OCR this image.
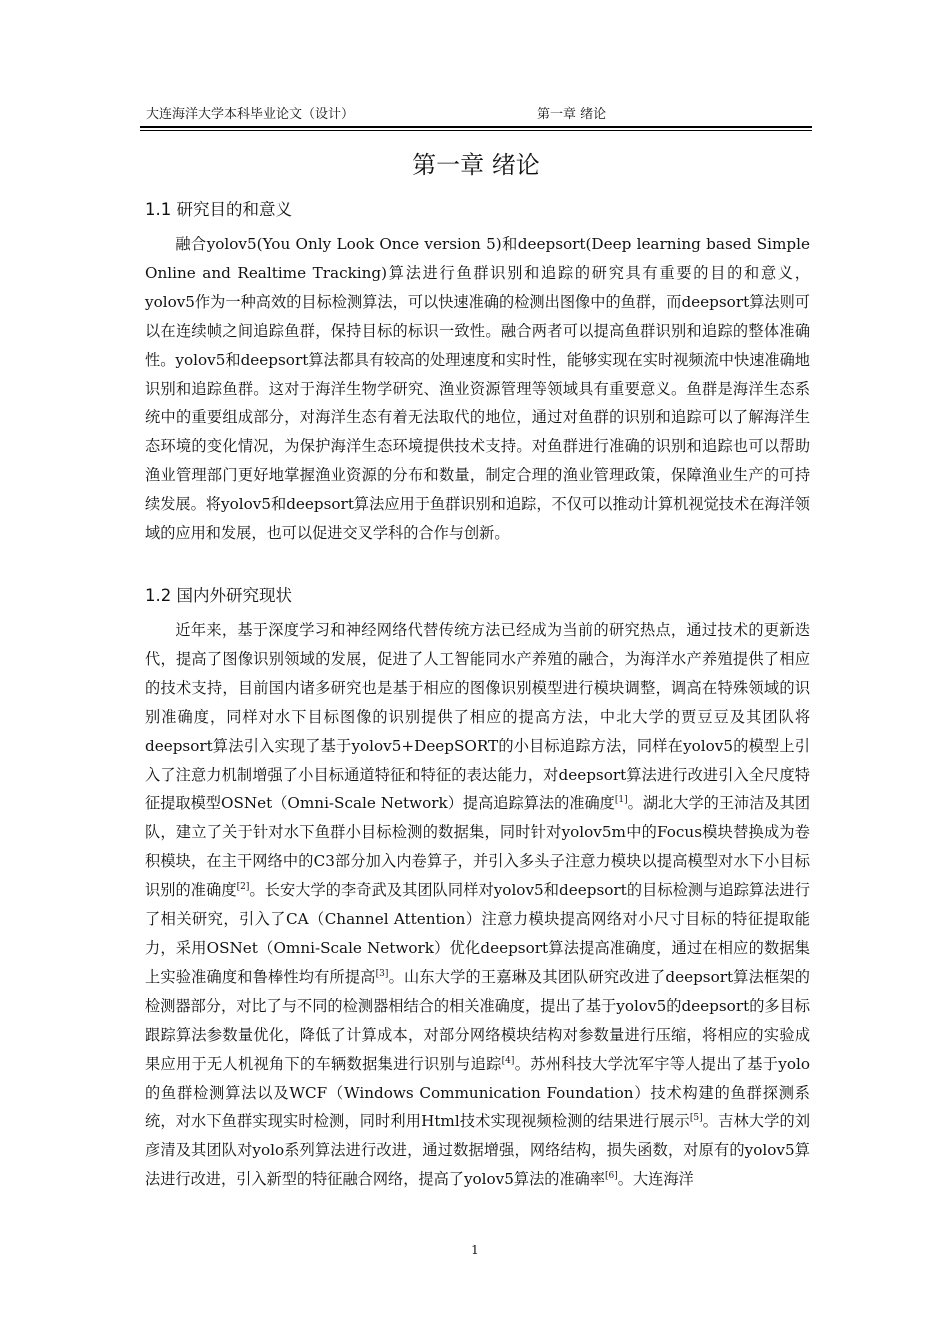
大连海洋大学本科毕业论文（设计）	第一章 绪论
第一章 绪论
1.1 研究目的和意义

融合yolov5(You Only Look Once version 5)和deepsort(Deep learning based Simple Online and Realtime Tracking)算法进行鱼群识别和追踪的研究具有重要的目的和意义，yolov5作为一种高效的目标检测算法，可以快速准确的检测出图像中的鱼群，而deepsort算法则可以在连续帧之间追踪鱼群，保持目标的标识一致性。融合两者可以提高鱼群识别和追踪的整体准确性。yolov5和deepsort算法都具有较高的处理速度和实时性，能够实现在实时视频流中快速准确地识别和追踪鱼群。这对于海洋生物学研究、渔业资源管理等领域具有重要意义。鱼群是海洋生态系统中的重要组成部分，对海洋生态有着无法取代的地位，通过对鱼群的识别和追踪可以了解海洋生态环境的变化情况，为保护海洋生态环境提供技术支持。对鱼群进行准确的识别和追踪也可以帮助渔业管理部门更好地掌握渔业资源的分布和数量，制定合理的渔业管理政策，保障渔业生产的可持续发展。将yolov5和deepsort算法应用于鱼群识别和追踪，不仅可以推动计算机视觉技术在海洋领域的应用和发展，也可以促进交叉学科的合作与创新。

1.2 国内外研究现状

近年来，基于深度学习和神经网络代替传统方法已经成为当前的研究热点，通过技术的更新迭代，提高了图像识别领域的发展，促进了人工智能同水产养殖的融合，为海洋水产养殖提供了相应的技术支持，目前国内诸多研究也是基于相应的图像识别模型进行模块调整，调高在特殊领域的识别准确度，同样对水下目标图像的识别提供了相应的提高方法，中北大学的贾豆豆及其团队将deepsort算法引入实现了基于yolov5+DeepSORT的小目标追踪方法，同样在yolov5的模型上引入了注意力机制增强了小目标通道特征和特征的表达能力，对deepsort算法进行改进引入全尺度特征提取模型OSNet（Omni-Scale Network）提高追踪算法的准确度[1]。湖北大学的王沛洁及其团队，建立了关于针对水下鱼群小目标检测的数据集，同时针对yolov5m中的Focus模块替换成为卷积模块，在主干网络中的C3部分加入内卷算子，并引入多头子注意力模块以提高模型对水下小目标识别的准确度[2]。长安大学的李奇武及其团队同样对yolov5和deepsort的目标检测与追踪算法进行了相关研究，引入了CA（Channel Attention）注意力模块提高网络对小尺寸目标的特征提取能力，采用OSNet（Omni-Scale Network）优化deepsort算法提高准确度，通过在相应的数据集上实验准确度和鲁棒性均有所提高[3]。山东大学的王嘉琳及其团队研究改进了deepsort算法框架的检测器部分，对比了与不同的检测器相结合的相关准确度，提出了基于yolov5的deepsort的多目标跟踪算法参数量优化，降低了计算成本，对部分网络模块结构对参数量进行压缩，将相应的实验成果应用于无人机视角下的车辆数据集进行识别与追踪[4]。苏州科技大学沈军宇等人提出了基于yolo的鱼群检测算法以及WCF（Windows Communication Foundation）技术构建的鱼群探测系统，对水下鱼群实现实时检测，同时利用Html技术实现视频检测的结果进行展示[5]。吉林大学的刘彦清及其团队对yolo系列算法进行改进，通过数据增强，网络结构，损失函数，对原有的yolov5算法进行改进，引入新型的特征融合网络，提高了yolov5算法的准确率[6]。大连海洋

1
